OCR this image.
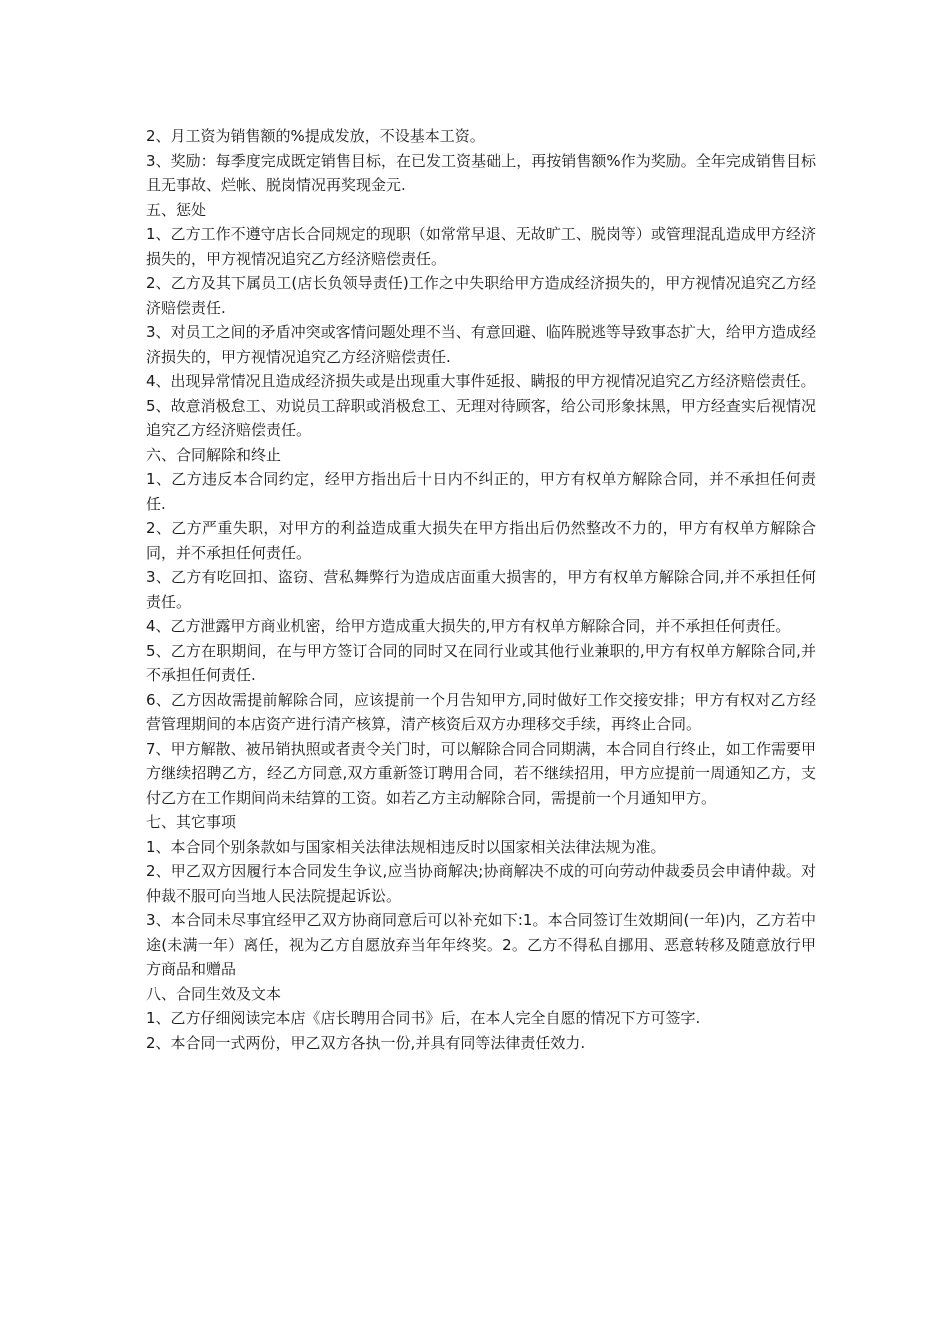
2、月工资为销售额的%提成发放，不设基本工资。

3、奖励：每季度完成既定销售目标，在已发工资基础上，再按销售额%作为奖励。全年完成销售目标且无事故、烂帐、脱岗情况再奖现金元.

五、惩处

1、乙方工作不遵守店长合同规定的现职（如常常早退、无故旷工、脱岗等）或管理混乱造成甲方经济损失的，甲方视情况追究乙方经济赔偿责任。

2、乙方及其下属员工(店长负领导责任)工作之中失职给甲方造成经济损失的，甲方视情况追究乙方经济赔偿责任.

3、对员工之间的矛盾冲突或客情问题处理不当、有意回避、临阵脱逃等导致事态扩大，给甲方造成经济损失的，甲方视情况追究乙方经济赔偿责任.

4、出现异常情况且造成经济损失或是出现重大事件延报、瞒报的甲方视情况追究乙方经济赔偿责任。

5、故意消极怠工、劝说员工辞职或消极怠工、无理对待顾客，给公司形象抹黑，甲方经查实后视情况追究乙方经济赔偿责任。

六、合同解除和终止

1、乙方违反本合同约定，经甲方指出后十日内不纠正的，甲方有权单方解除合同，并不承担任何责任.

2、乙方严重失职，对甲方的利益造成重大损失在甲方指出后仍然整改不力的，甲方有权单方解除合同，并不承担任何责任。

3、乙方有吃回扣、盗窃、营私舞弊行为造成店面重大损害的，甲方有权单方解除合同,并不承担任何责任。

4、乙方泄露甲方商业机密，给甲方造成重大损失的,甲方有权单方解除合同，并不承担任何责任。

5、乙方在职期间，在与甲方签订合同的同时又在同行业或其他行业兼职的,甲方有权单方解除合同,并不承担任何责任.

6、乙方因故需提前解除合同，应该提前一个月告知甲方,同时做好工作交接安排；甲方有权对乙方经营管理期间的本店资产进行清产核算，清产核资后双方办理移交手续，再终止合同。

7、甲方解散、被吊销执照或者责令关门时，可以解除合同合同期满，本合同自行终止，如工作需要甲方继续招聘乙方，经乙方同意,双方重新签订聘用合同，若不继续招用，甲方应提前一周通知乙方，支付乙方在工作期间尚未结算的工资。如若乙方主动解除合同，需提前一个月通知甲方。

七、其它事项

1、本合同个别条款如与国家相关法律法规相违反时以国家相关法律法规为准。

2、甲乙双方因履行本合同发生争议,应当协商解决;协商解决不成的可向劳动仲裁委员会申请仲裁。对仲裁不服可向当地人民法院提起诉讼。

3、本合同未尽事宜经甲乙双方协商同意后可以补充如下:1。本合同签订生效期间(一年)内，乙方若中途(未满一年）离任，视为乙方自愿放弃当年年终奖。2。乙方不得私自挪用、恶意转移及随意放行甲方商品和赠品

八、合同生效及文本

1、乙方仔细阅读完本店《店长聘用合同书》后，在本人完全自愿的情况下方可签字.

2、本合同一式两份，甲乙双方各执一份,并具有同等法律责任效力.
